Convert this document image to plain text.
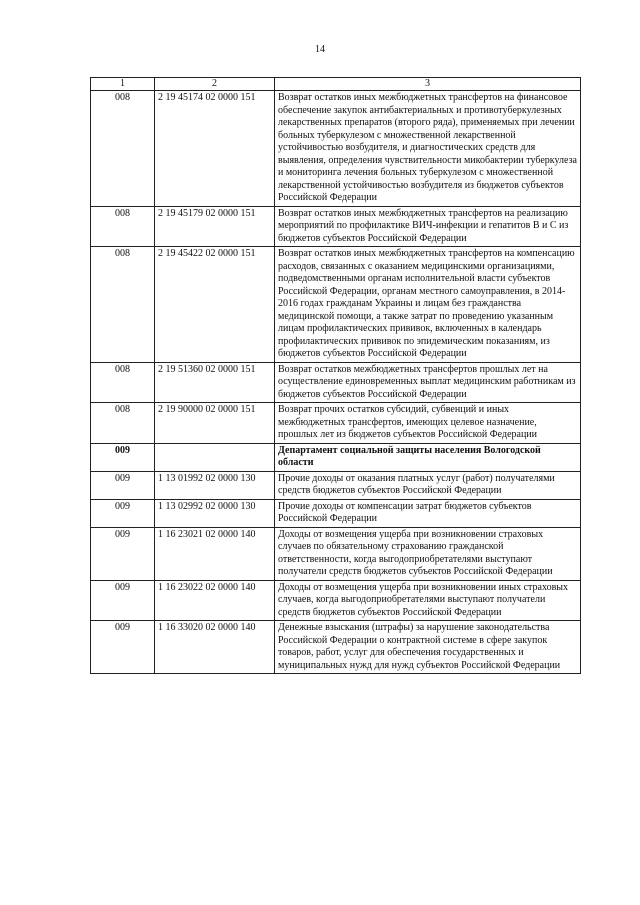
14
1	2	3
008	2 19 45174 02 0000 151	Возврат остатков иных межбюджетных трансфертов на финансовое обеспечение закупок антибактериальных и противотуберкулезных лекарственных препаратов (второго ряда), применяемых при лечении больных туберкулезом с множественной лекарственной устойчивостью возбудителя, и диагностических средств для выявления, определения чувствительности микобактерии туберкулеза и мониторинга лечения больных туберкулезом с множественной лекарственной устойчивостью возбудителя из бюджетов субъектов Российской Федерации
008	2 19 45179 02 0000 151	Возврат остатков иных межбюджетных трансфертов на реализацию мероприятий по профилактике ВИЧ-инфекции и гепатитов B и C из бюджетов субъектов Российской Федерации
008	2 19 45422 02 0000 151	Возврат остатков иных межбюджетных трансфертов на компенсацию расходов, связанных с оказанием медицинскими организациями, подведомственными органам исполнительной власти субъектов Российской Федерации, органам местного самоуправления, в 2014-2016 годах гражданам Украины и лицам без гражданства медицинской помощи, а также затрат по проведению указанным лицам профилактических прививок, включенных в календарь профилактических прививок по эпидемическим показаниям, из бюджетов субъектов Российской Федерации
008	2 19 51360 02 0000 151	Возврат остатков межбюджетных трансфертов прошлых лет на осуществление единовременных выплат медицинским работникам из бюджетов субъектов Российской Федерации
008	2 19 90000 02 0000 151	Возврат прочих остатков субсидий, субвенций и иных межбюджетных трансфертов, имеющих целевое назначение, прошлых лет из бюджетов субъектов Российской Федерации
009		Департамент социальной защиты населения Вологодской области
009	1 13 01992 02 0000 130	Прочие доходы от оказания платных услуг (работ) получателями средств бюджетов субъектов Российской Федерации
009	1 13 02992 02 0000 130	Прочие доходы от компенсации затрат бюджетов субъектов Российской Федерации
009	1 16 23021 02 0000 140	Доходы от возмещения ущерба при возникновении страховых случаев по обязательному страхованию гражданской ответственности, когда выгодоприобретателями выступают получатели средств бюджетов субъектов Российской Федерации
009	1 16 23022 02 0000 140	Доходы от возмещения ущерба при возникновении иных страховых случаев, когда выгодоприобретателями выступают получатели средств бюджетов субъектов Российской Федерации
009	1 16 33020 02 0000 140	Денежные взыскания (штрафы) за нарушение законодательства Российской Федерации о контрактной системе в сфере закупок товаров, работ, услуг для обеспечения государственных и муниципальных нужд для нужд субъектов Российской Федерации
